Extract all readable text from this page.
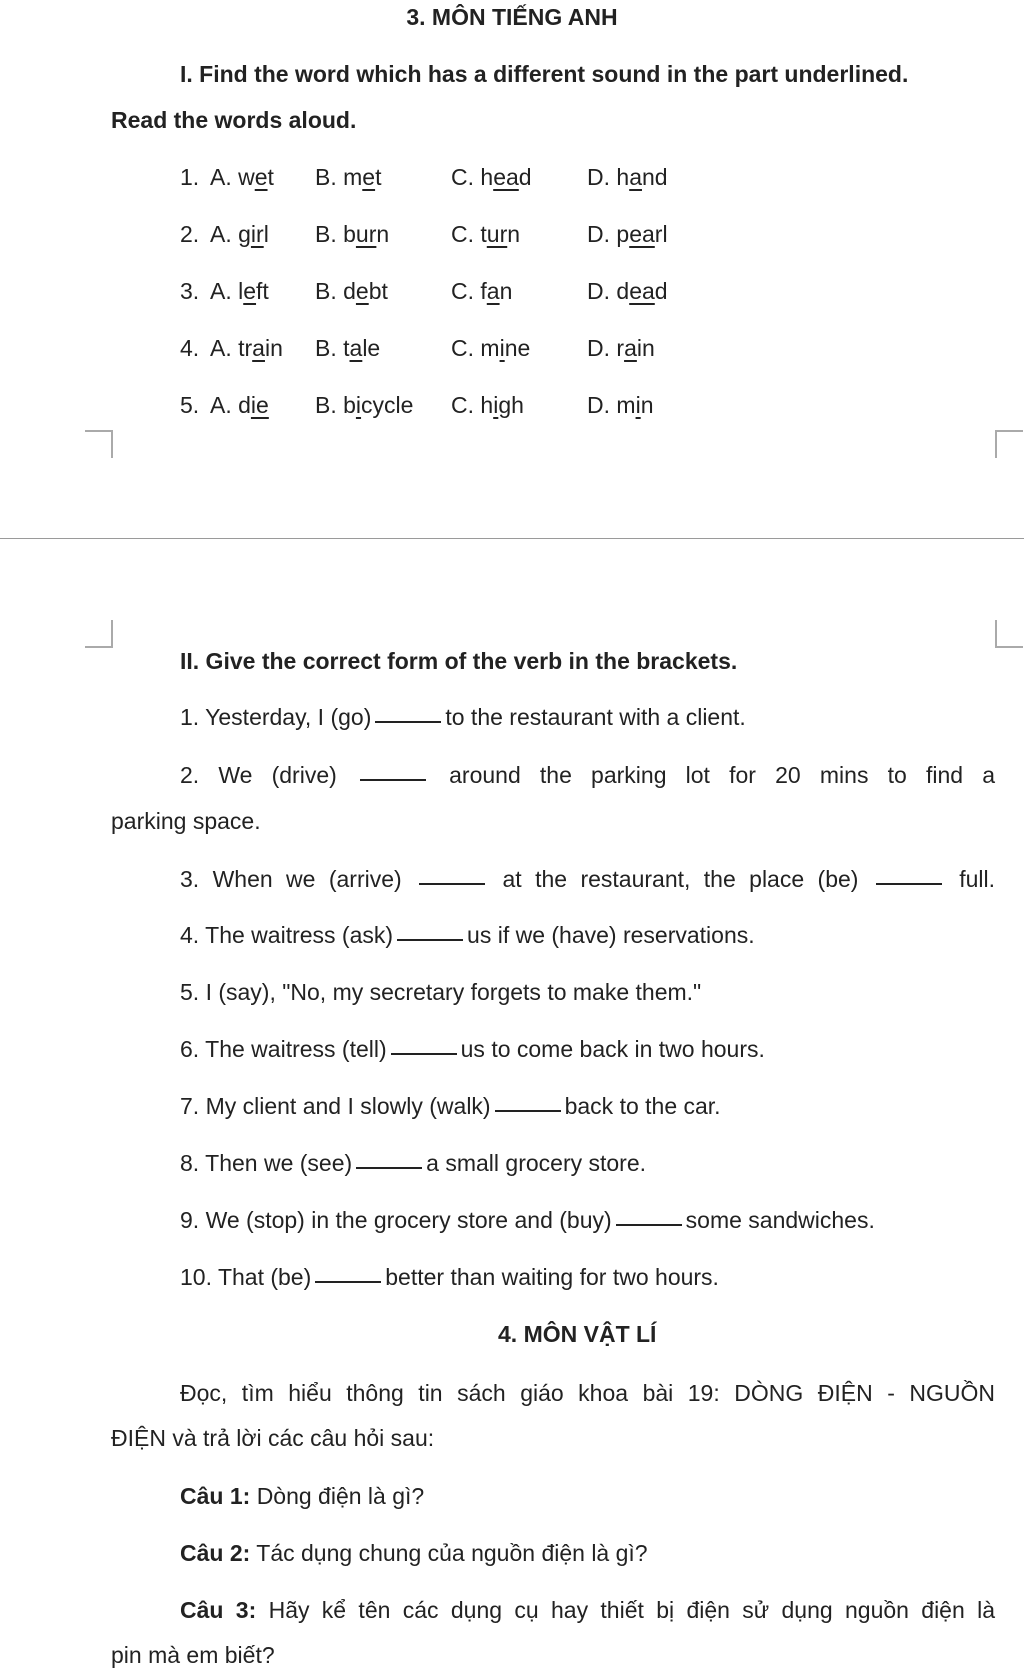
3. MÔN TIẾNG ANH
I. Find the word which has a different sound in the part underlined.
Read the words aloud.
1. A. wet B. met	C. head D. hand
2. A. girl B. burn	C. turn	D. pearl
3. A. left B. debt	C. fan	D. dead
4. A. train B. tale	C. mine D. rain
5. A. die B. bicycle C. high	D. min
II. Give the correct form of the verb in the brackets.
1. Yesterday, I (go)	to the restaurant with a client.
2. We (drive)	around the parking lot for 20 mins to find a
parking space.
3. When we (arrive)	at the restaurant, the place (be)	full.
4. The waitress (ask)	us if we (have) reservations.
5. I (say), "No, my secretary forgets to make them."
6. The waitress (tell)	us to come back in two hours.
7. My client and I slowly (walk)	back to the car.
8. Then we (see)	a small grocery store.
9. We (stop) in the grocery store and (buy)	some sandwiches.
10. That (be)	better than waiting for two hours.
4. MÔN VẬT LÍ
Đọc, tìm hiểu thông tin sách giáo khoa bài 19: DÒNG ĐIỆN - NGUỒN
ĐIỆN và trả lời các câu hỏi sau:
Câu 1: Dòng điện là gì?
Câu 2: Tác dụng chung của nguồn điện là gì?
Câu 3: Hãy kể tên các dụng cụ hay thiết bị điện sử dụng nguồn điện là
pin mà em biết?
